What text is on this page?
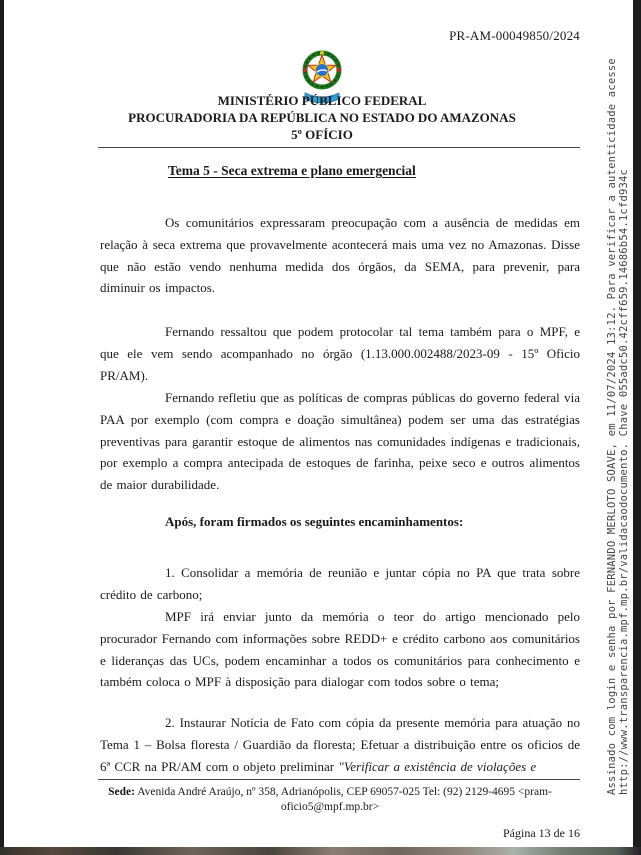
PR-AM-00049850/2024
MINISTÉRIO PÚBLICO FEDERAL
PROCURADORIA DA REPÚBLICA NO ESTADO DO AMAZONAS
5º OFÍCIO
Tema 5 - Seca extrema e plano emergencial

Os comunitários expressaram preocupação com a ausência de medidas em relação à seca extrema que provavelmente acontecerá mais uma vez no Amazonas. Disse que não estão vendo nenhuma medida dos órgãos, da SEMA, para prevenir, para diminuir os impactos.

Fernando ressaltou que podem protocolar tal tema também para o MPF, e que ele vem sendo acompanhado no órgão (1.13.000.002488/2023-09 - 15º Oficio PR/AM).

Fernando refletiu que as políticas de compras públicas do governo federal via PAA por exemplo (com compra e doação simultânea) podem ser uma das estratégias preventivas para garantir estoque de alimentos nas comunidades indígenas e tradicionais, por exemplo a compra antecipada de estoques de farinha, peixe seco e outros alimentos de maior durabilidade.

Após, foram firmados os seguintes encaminhamentos:

1. Consolidar a memória de reunião e juntar cópia no PA que trata sobre crédito de carbono;

MPF irá enviar junto da memória o teor do artigo mencionado pelo procurador Fernando com informações sobre REDD+ e crédito carbono aos comunitários e lideranças das UCs, podem encaminhar a todos os comunitários para conhecimento e também coloca o MPF à disposição para dialogar com todos sobre o tema;

2. Instaurar Notícia de Fato com cópia da presente memória para atuação no Tema 1 – Bolsa floresta / Guardião da floresta; Efetuar a distribuição entre os oficios de 6ª CCR na PR/AM com o objeto preliminar "Verificar a existência de violações e

Sede: Avenida André Araújo, nº 358, Adrianópolis, CEP 69057-025 Tel: (92) 2129-4695 <pram-
oficio5@mpf.mp.br>
Página 13 de 16
Assinado com login e senha por FERNANDO MERLOTO SOAVE, em 11/07/2024 13:12. Para verificar a autenticidade acesse http://www.transparencia.mpf.mp.br/validacaodocumento. Chave 055adc50.42cff659.14686b54.1cfd934c
